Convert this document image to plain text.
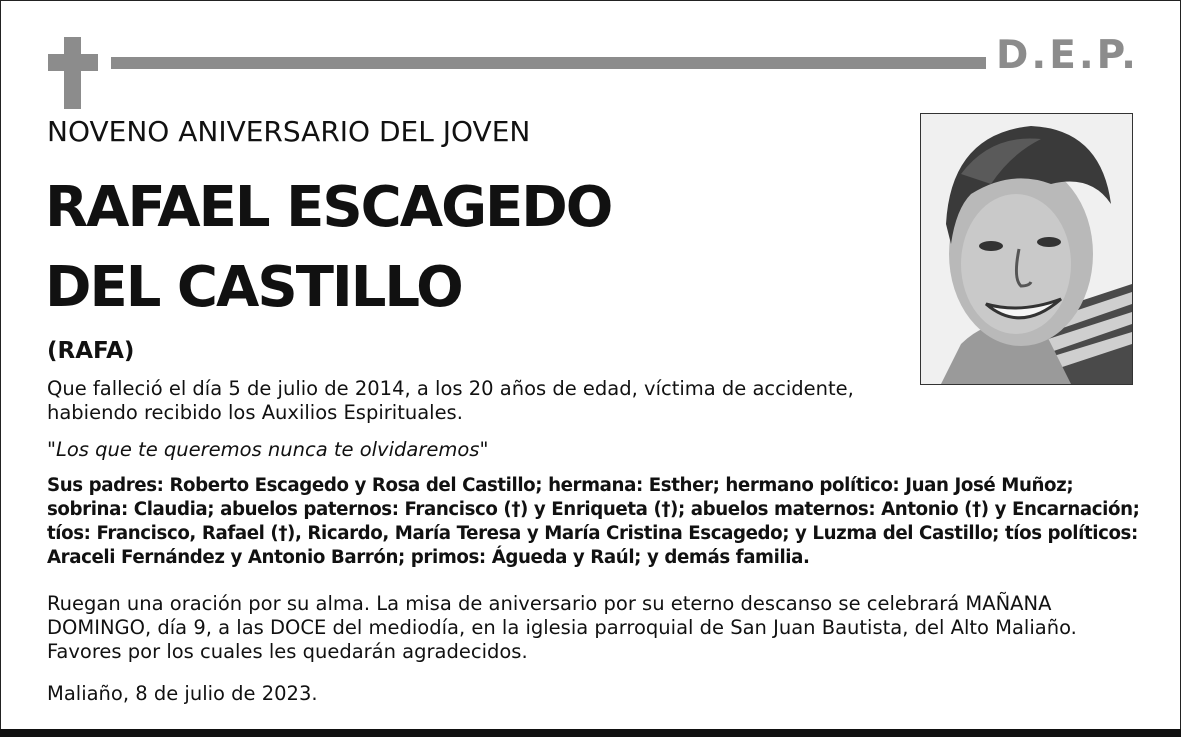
D.E.P.
NOVENO ANIVERSARIO DEL JOVEN
RAFAEL ESCAGEDO
DEL CASTILLO
(RAFA)
Que falleció el día 5 de julio de 2014, a los 20 años de edad, víctima de accidente,
habiendo recibido los Auxilios Espirituales.
"Los que te queremos nunca te olvidaremos"
Sus padres: Roberto Escagedo y Rosa del Castillo; hermana: Esther; hermano político: Juan José Muñoz;
sobrina: Claudia; abuelos paternos: Francisco (†) y Enriqueta (†); abuelos maternos: Antonio (†) y Encarnación;
tíos: Francisco, Rafael (†), Ricardo, María Teresa y María Cristina Escagedo; y Luzma del Castillo; tíos políticos:
Araceli Fernández y Antonio Barrón; primos: Águeda y Raúl; y demás familia.
Ruegan una oración por su alma. La misa de aniversario por su eterno descanso se celebrará MAÑANA
DOMINGO, día 9, a las DOCE del mediodía, en la iglesia parroquial de San Juan Bautista, del Alto Maliaño.
Favores por los cuales les quedarán agradecidos.
Maliaño, 8 de julio de 2023.
